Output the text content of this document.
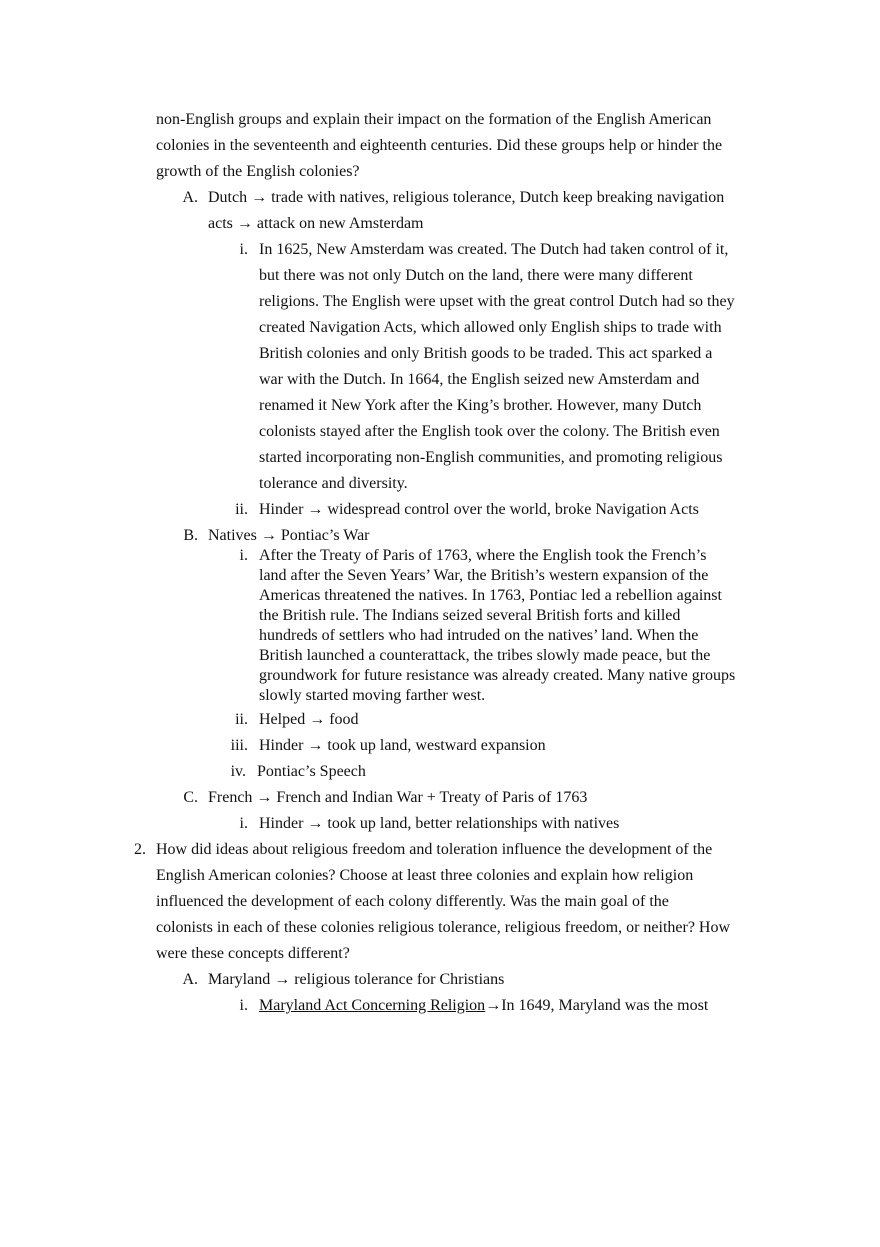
non-English groups and explain their impact on the formation of the English American
colonies in the seventeenth and eighteenth centuries. Did these groups help or hinder the
growth of the English colonies?
A. Dutch → trade with natives, religious tolerance, Dutch keep breaking navigation
acts → attack on new Amsterdam
i. In 1625, New Amsterdam was created. The Dutch had taken control of it,
but there was not only Dutch on the land, there were many different
religions. The English were upset with the great control Dutch had so they
created Navigation Acts, which allowed only English ships to trade with
British colonies and only British goods to be traded. This act sparked a
war with the Dutch. In 1664, the English seized new Amsterdam and
renamed it New York after the King’s brother. However, many Dutch
colonists stayed after the English took over the colony. The British even
started incorporating non-English communities, and promoting religious
tolerance and diversity.
ii. Hinder → widespread control over the world, broke Navigation Acts
B. Natives → Pontiac’s War
i. After the Treaty of Paris of 1763, where the English took the French’s
land after the Seven Years’ War, the British’s western expansion of the
Americas threatened the natives. In 1763, Pontiac led a rebellion against
the British rule. The Indians seized several British forts and killed
hundreds of settlers who had intruded on the natives’ land. When the
British launched a counterattack, the tribes slowly made peace, but the
groundwork for future resistance was already created. Many native groups
slowly started moving farther west.
ii. Helped → food
iii. Hinder → took up land, westward expansion
iv. Pontiac’s Speech
C. French → French and Indian War + Treaty of Paris of 1763
i. Hinder → took up land, better relationships with natives
2. How did ideas about religious freedom and toleration influence the development of the
English American colonies? Choose at least three colonies and explain how religion
influenced the development of each colony differently. Was the main goal of the
colonists in each of these colonies religious tolerance, religious freedom, or neither? How
were these concepts different?
A. Maryland → religious tolerance for Christians
i. Maryland Act Concerning Religion→In 1649, Maryland was the most
